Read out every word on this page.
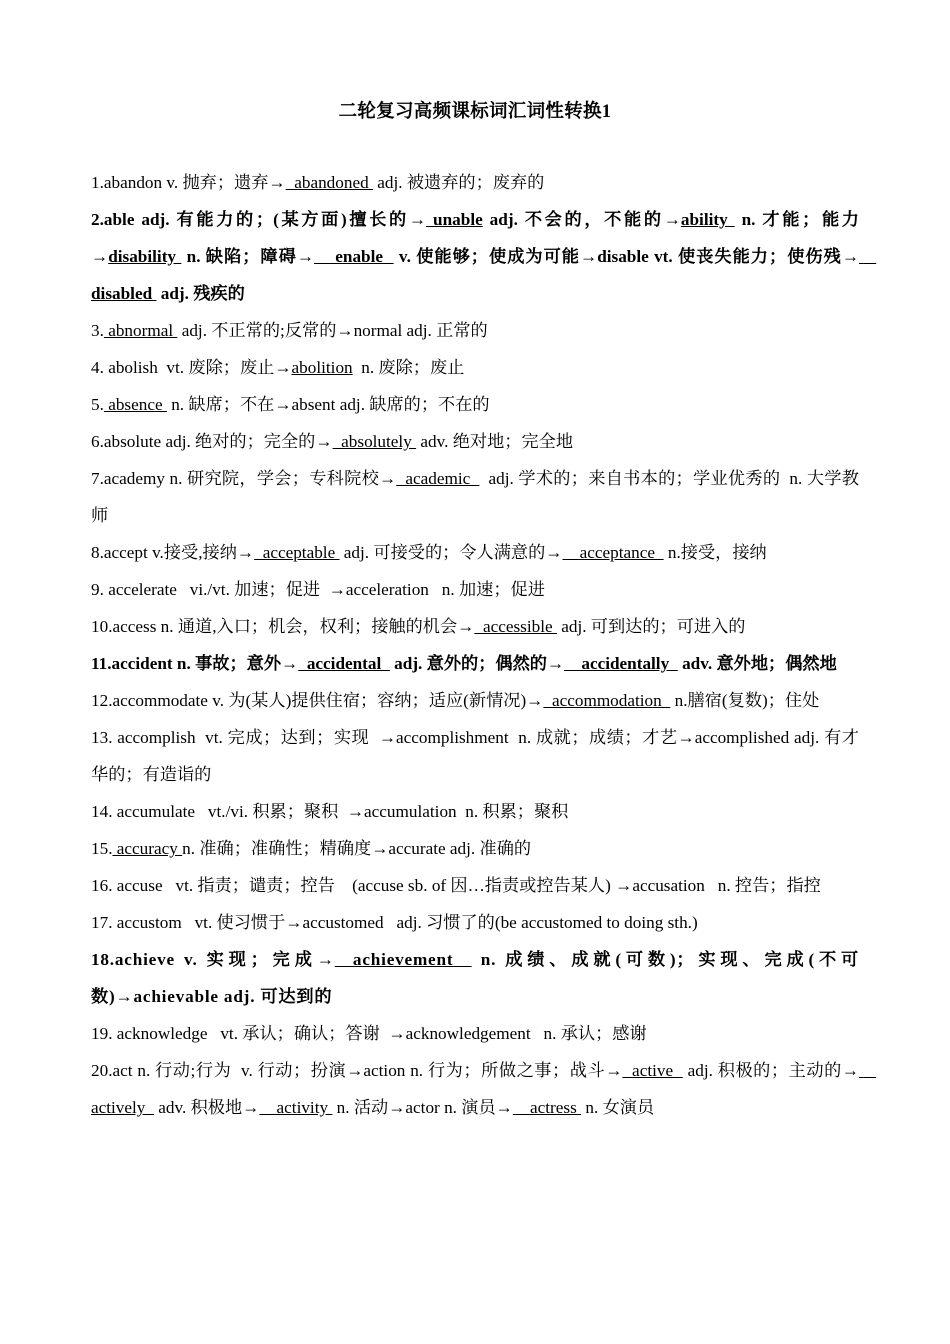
二轮复习高频课标词汇词性转换1

1.abandon v. 抛弃；遗弃→  abandoned  adj. 被遗弃的；废弃的

2.able adj. 有能力的；(某方面)擅长的→ unable adj. 不会的，不能的→ability  n. 才能；能力→disability  n. 缺陷；障碍→    enable   v. 使能够；使成为可能→disable vt. 使丧失能力；使伤残→    disabled  adj. 残疾的

3. abnormal  adj. 不正常的;反常的→normal adj. 正常的

4. abolish  vt. 废除；废止→abolition  n. 废除；废止

5. absence  n. 缺席；不在→absent adj. 缺席的；不在的

6.absolute adj. 绝对的；完全的→  absolutely  adv. 绝对地；完全地

7.academy n. 研究院，学会；专科院校→  academic    adj. 学术的；来自书本的；学业优秀的  n. 大学教师

8.accept v.接受,接纳→  acceptable  adj. 可接受的；令人满意的→    acceptance   n.接受，接纳

9. accelerate   vi./vt. 加速；促进  →acceleration   n. 加速；促进

10.access n. 通道,入口；机会，权利；接触的机会→  accessible  adj. 可到达的；可进入的

11.accident n. 事故；意外→  accidental   adj. 意外的；偶然的→    accidentally   adv. 意外地；偶然地

12.accommodate v. 为(某人)提供住宿；容纳；适应(新情况)→  accommodation   n.膳宿(复数)；住处

13. accomplish  vt. 完成；达到；实现  →accomplishment  n. 成就；成绩；才艺→accomplished adj. 有才华的；有造诣的

14. accumulate   vt./vi. 积累；聚积  →accumulation  n. 积累；聚积

15. accuracy n. 准确；准确性；精确度→accurate adj. 准确的

16. accuse   vt. 指责；谴责；控告    (accuse sb. of 因…指责或控告某人) →accusation   n. 控告；指控

17. accustom   vt. 使习惯于→accustomed   adj. 习惯了的(be accustomed to doing sth.)

18.achieve v. 实现；完成→  achievement   n. 成绩、成就(可数)；实现、完成(不可数)→achievable adj. 可达到的

19. acknowledge   vt. 承认；确认；答谢  →acknowledgement   n. 承认；感谢

20.act n. 行动;行为  v. 行动；扮演→action n. 行为；所做之事；战斗→  active   adj. 积极的；主动的→    actively   adv. 积极地→    activity  n. 活动→actor n. 演员→    actress  n. 女演员
